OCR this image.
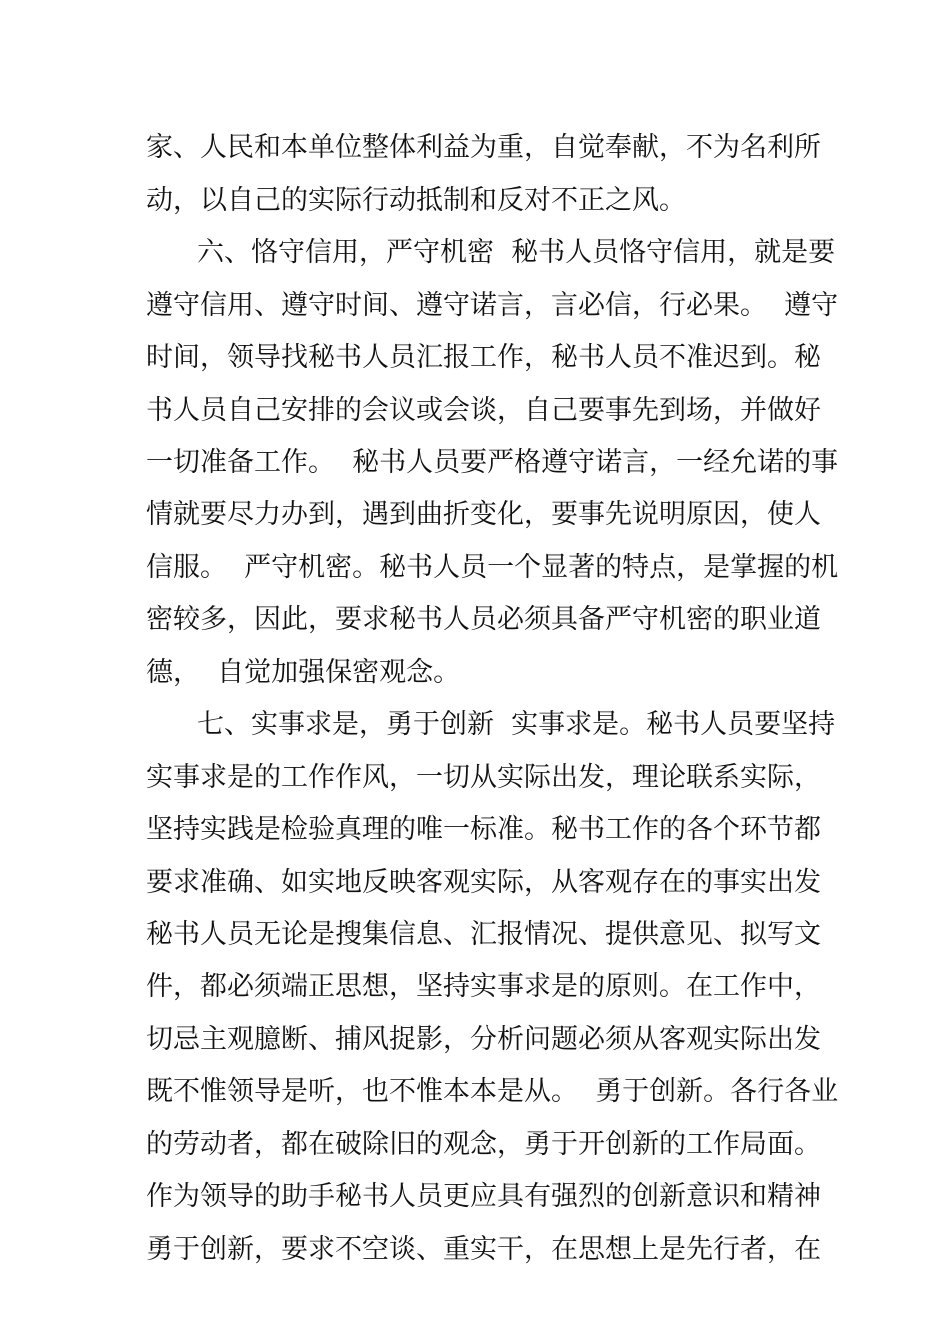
家、人民和本单位整体利益为重，自觉奉献，不为名利所
动，以自己的实际行动抵制和反对不正之风。
六、恪守信用，严守机密  秘书人员恪守信用，就是要
遵守信用、遵守时间、遵守诺言，言必信，行必果。  遵守
时间，领导找秘书人员汇报工作，秘书人员不准迟到。秘
书人员自己安排的会议或会谈，自己要事先到场，并做好
一切准备工作。  秘书人员要严格遵守诺言，一经允诺的事
情就要尽力办到，遇到曲折变化，要事先说明原因，使人
信服。  严守机密。秘书人员一个显著的特点，是掌握的机
密较多，因此，要求秘书人员必须具备严守机密的职业道
德，  自觉加强保密观念。
七、实事求是，勇于创新  实事求是。秘书人员要坚持
实事求是的工作作风，一切从实际出发，理论联系实际，
坚持实践是检验真理的唯一标准。秘书工作的各个环节都
要求准确、如实地反映客观实际，从客观存在的事实出发
秘书人员无论是搜集信息、汇报情况、提供意见、拟写文
件，都必须端正思想，坚持实事求是的原则。在工作中，
切忌主观臆断、捕风捉影，分析问题必须从客观实际出发
既不惟领导是听，也不惟本本是从。  勇于创新。各行各业
的劳动者，都在破除旧的观念，勇于开创新的工作局面。
作为领导的助手秘书人员更应具有强烈的创新意识和精神
勇于创新，要求不空谈、重实干，在思想上是先行者，在
